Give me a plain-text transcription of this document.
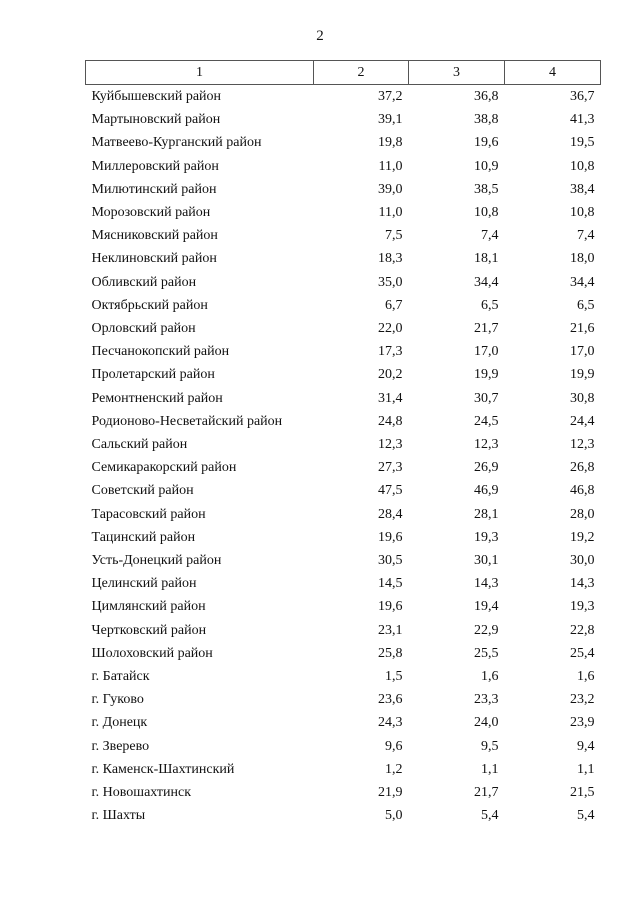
2
1	2	3	4
Куйбышевский район	37,2	36,8	36,7
Мартыновский район	39,1	38,8	41,3
Матвеево-Курганский район	19,8	19,6	19,5
Миллеровский район	11,0	10,9	10,8
Милютинский район	39,0	38,5	38,4
Морозовский район	11,0	10,8	10,8
Мясниковский район	7,5	7,4	7,4
Неклиновский район	18,3	18,1	18,0
Обливский район	35,0	34,4	34,4
Октябрьский район	6,7	6,5	6,5
Орловский район	22,0	21,7	21,6
Песчанокопский район	17,3	17,0	17,0
Пролетарский район	20,2	19,9	19,9
Ремонтненский район	31,4	30,7	30,8
Родионово-Несветайский район	24,8	24,5	24,4
Сальский район	12,3	12,3	12,3
Семикаракорский район	27,3	26,9	26,8
Советский район	47,5	46,9	46,8
Тарасовский район	28,4	28,1	28,0
Тацинский район	19,6	19,3	19,2
Усть-Донецкий район	30,5	30,1	30,0
Целинский район	14,5	14,3	14,3
Цимлянский район	19,6	19,4	19,3
Чертковский район	23,1	22,9	22,8
Шолоховский район	25,8	25,5	25,4
г. Батайск	1,5	1,6	1,6
г. Гуково	23,6	23,3	23,2
г. Донецк	24,3	24,0	23,9
г. Зверево	9,6	9,5	9,4
г. Каменск-Шахтинский	1,2	1,1	1,1
г. Новошахтинск	21,9	21,7	21,5
г. Шахты	5,0	5,4	5,4
